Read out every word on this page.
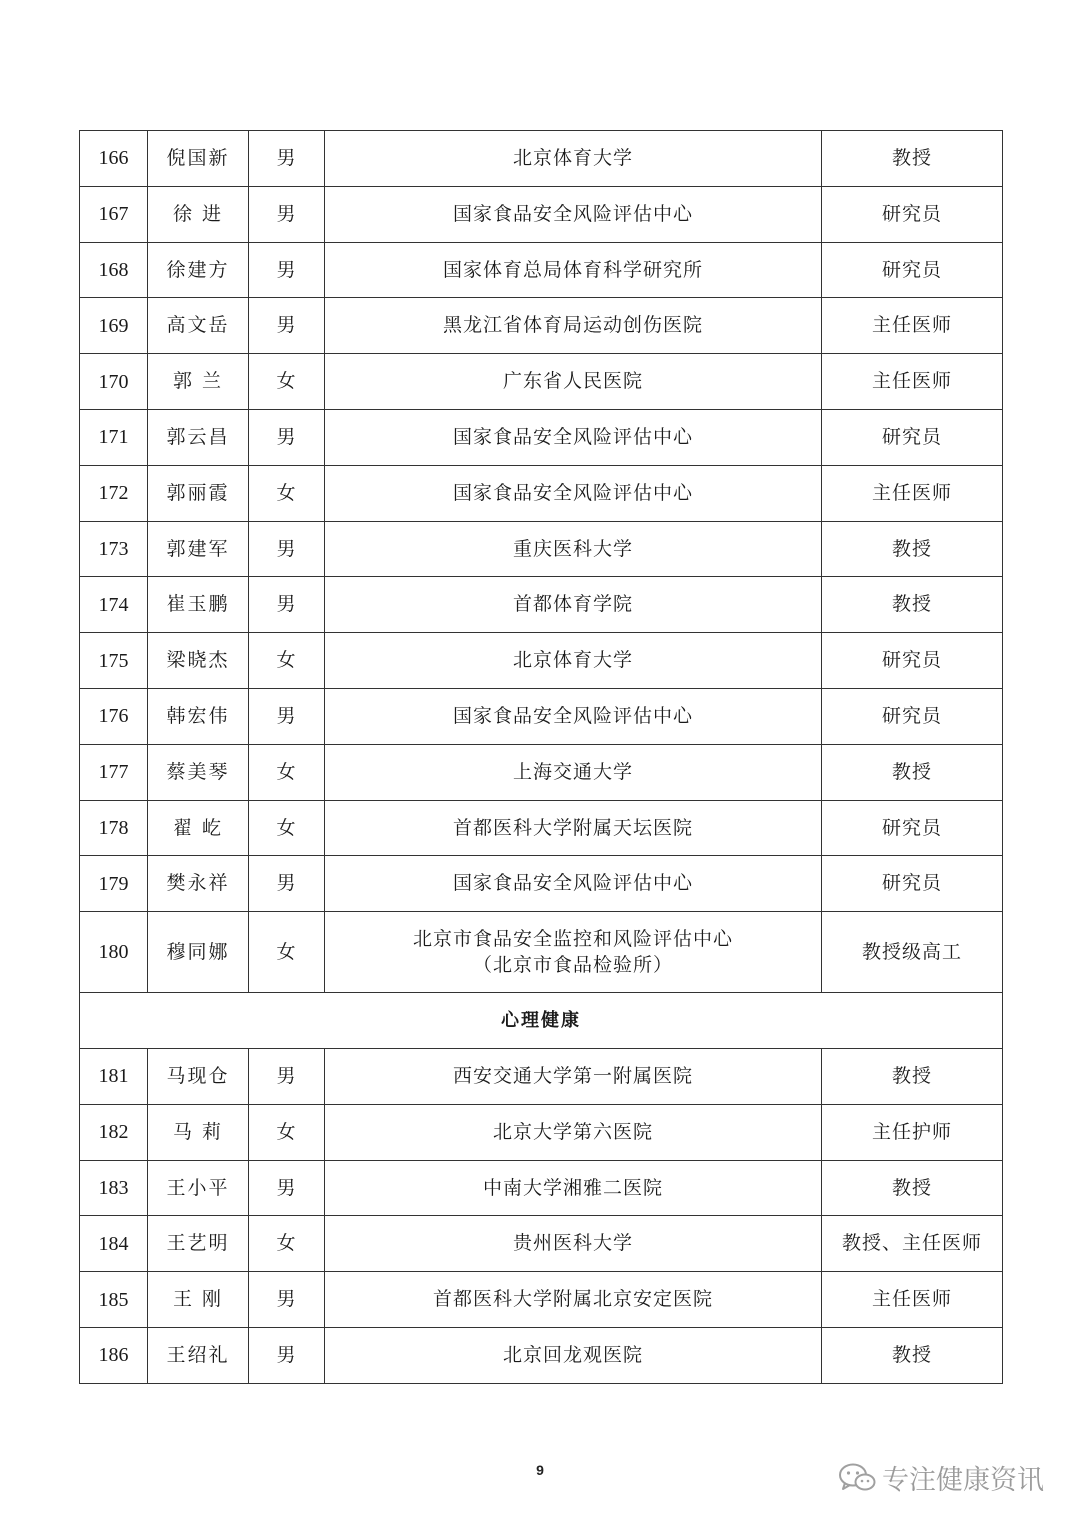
166	倪国新	男	北京体育大学	教授
167	徐 进	男	国家食品安全风险评估中心	研究员
168	徐建方	男	国家体育总局体育科学研究所	研究员
169	高文岳	男	黑龙江省体育局运动创伤医院	主任医师
170	郭 兰	女	广东省人民医院	主任医师
171	郭云昌	男	国家食品安全风险评估中心	研究员
172	郭丽霞	女	国家食品安全风险评估中心	主任医师
173	郭建军	男	重庆医科大学	教授
174	崔玉鹏	男	首都体育学院	教授
175	梁晓杰	女	北京体育大学	研究员
176	韩宏伟	男	国家食品安全风险评估中心	研究员
177	蔡美琴	女	上海交通大学	教授
178	翟 屹	女	首都医科大学附属天坛医院	研究员
179	樊永祥	男	国家食品安全风险评估中心	研究员
180	穆同娜	女	北京市食品安全监控和风险评估中心
（北京市食品检验所）	教授级高工
心理健康				
181	马现仓	男	西安交通大学第一附属医院	教授
182	马 莉	女	北京大学第六医院	主任护师
183	王小平	男	中南大学湘雅二医院	教授
184	王艺明	女	贵州医科大学	教授、主任医师
185	王 刚	男	首都医科大学附属北京安定医院	主任医师
186	王绍礼	男	北京回龙观医院	教授
9	专注健康资讯
